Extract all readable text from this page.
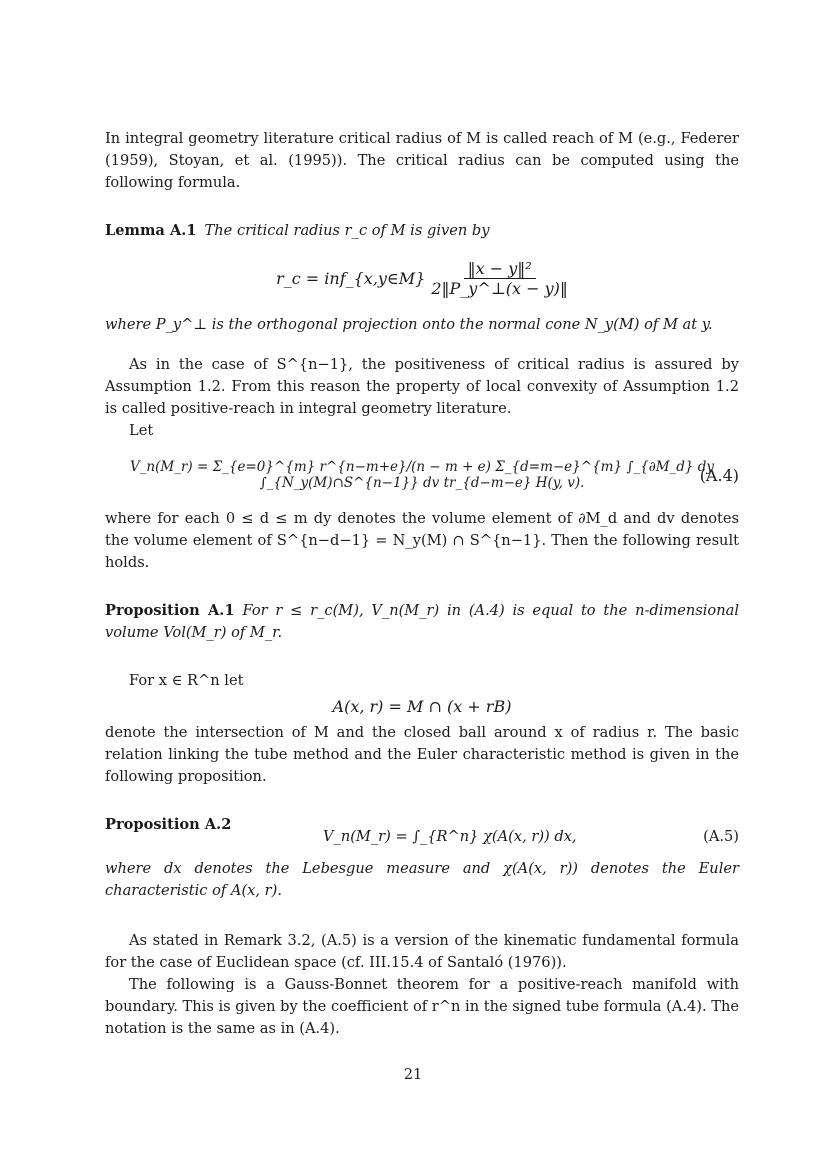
In integral geometry literature critical radius of M is called reach of M (e.g., Federer (1959), Stoyan, et al. (1995)). The critical radius can be computed using the following formula.

Lemma A.1 The critical radius r_c of M is given by
r_c = inf_{x,y∈M} $\frac{\text{‖x − y‖²}}{2‖P\_y\^{}\perp(x - y)‖}$

where P_y^⊥ is the orthogonal projection onto the normal cone N_y(M) of M at y.

As in the case of S^{n−1}, the positiveness of critical radius is assured by Assumption 1.2. From this reason the property of local convexity of Assumption 1.2 is called positive-reach in integral geometry literature.

Let

V_n(M_r) = Σ_{e=0}^{m} r^{n−m+e}/(n − m + e) Σ_{d=m−e}^{m} ∫_{∂M_d} dy ∫_{N_y(M)∩S^{n−1}} dv tr_{d−m−e} H(y, v).	(A.4)

where for each 0 ≤ d ≤ m dy denotes the volume element of ∂M_d and dv denotes the volume element of S^{n−d−1} = N_y(M) ∩ S^{n−1}. Then the following result holds.

Proposition A.1 For r ≤ r_c(M), V_n(M_r) in (A.4) is equal to the n-dimensional volume Vol(M_r) of M_r.

For x ∈ R^n let

A(x, r) = M ∩ (x + rB)

denote the intersection of M and the closed ball around x of radius r. The basic relation linking the tube method and the Euler characteristic method is given in the following proposition.

Proposition A.2
V_n(M_r) = ∫_{R^n} χ(A(x, r)) dx,	(A.5)

where dx denotes the Lebesgue measure and χ(A(x, r)) denotes the Euler characteristic of A(x, r).

As stated in Remark 3.2, (A.5) is a version of the kinematic fundamental formula for the case of Euclidean space (cf. III.15.4 of Santaló (1976)).

The following is a Gauss-Bonnet theorem for a positive-reach manifold with boundary. This is given by the coefficient of r^n in the signed tube formula (A.4). The notation is the same as in (A.4).

21
